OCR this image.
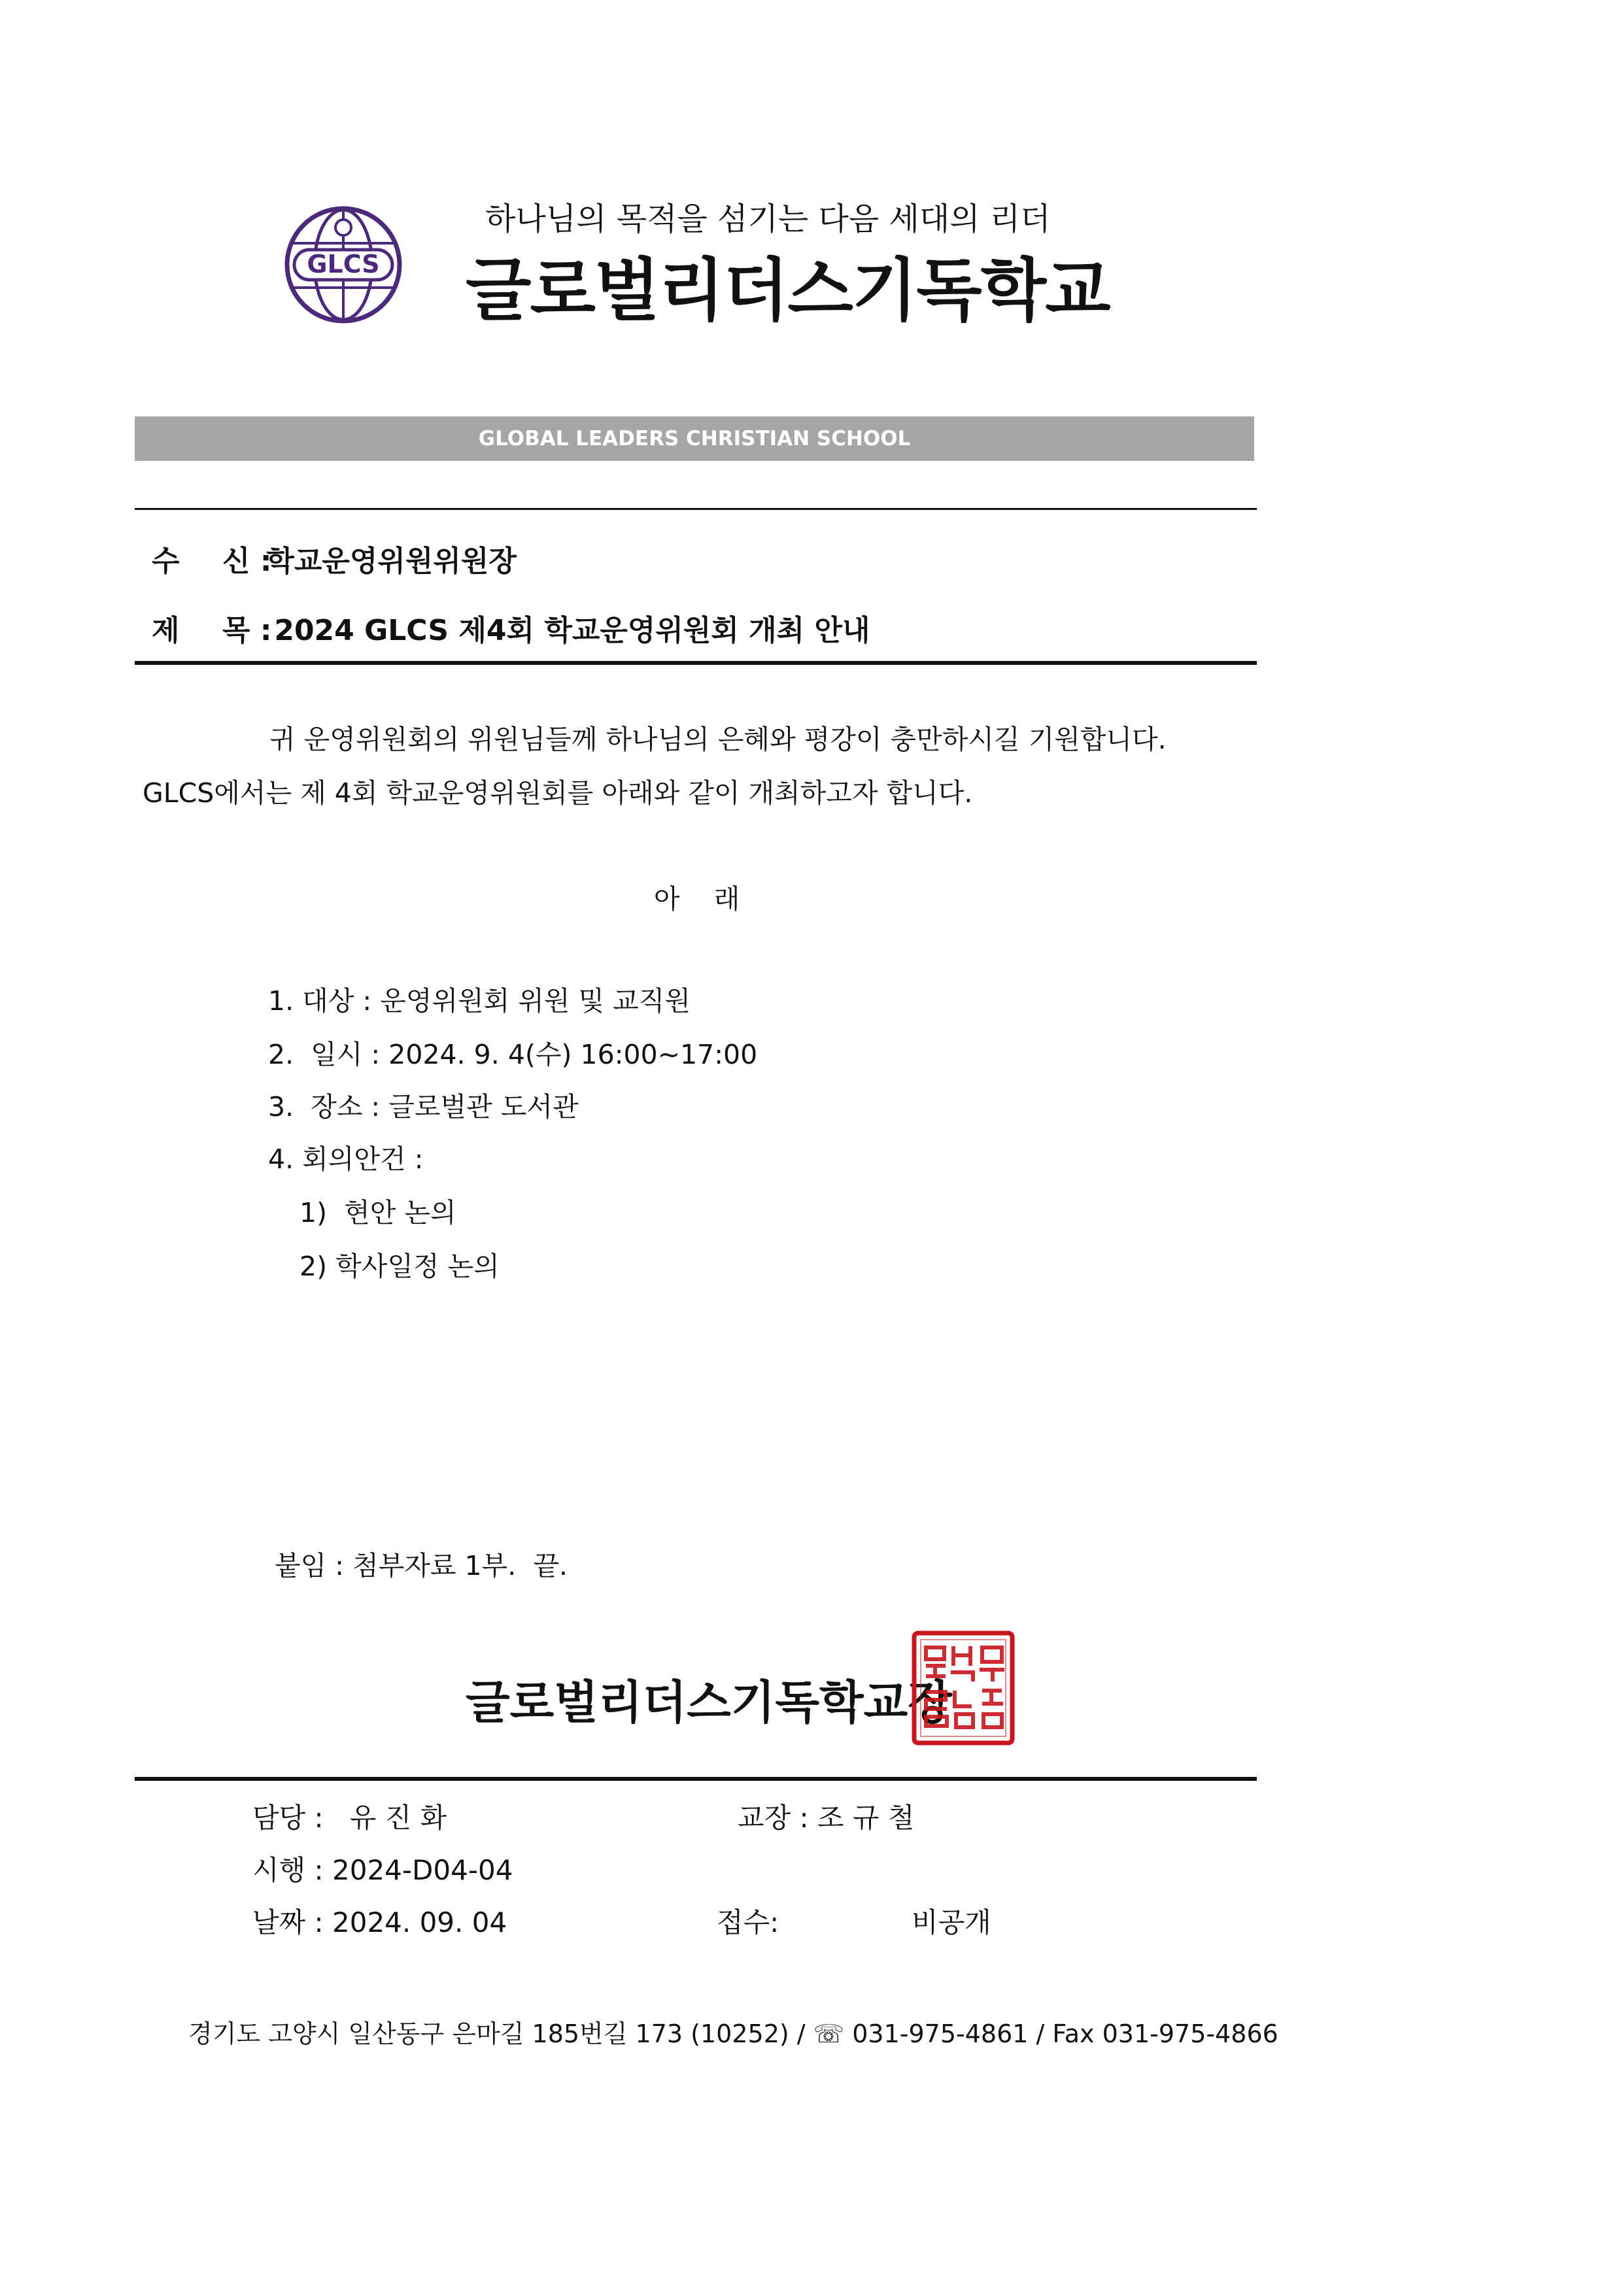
GLCS
하나님의 목적을 섬기는 다음 세대의 리더
글로벌리더스기독학교
GLOBAL LEADERS CHRISTIAN SCHOOL
수 신 : 학교운영위원위원장
제 목 : 2024 GLCS 제4회 학교운영위원회 개최 안내
귀 운영위원회의 위원님들께 하나님의 은혜와 평강이 충만하시길 기원합니다.
GLCS에서는 제 4회 학교운영위원회를 아래와 같이 개최하고자 합니다.
아    래
1. 대상 : 운영위원회 위원 및 교직원
2.  일시 : 2024. 9. 4(수) 16:00~17:00
3.  장소 : 글로벌관 도서관
4. 회의안건 :
1)  현안 논의
2) 학사일정 논의
붙임 : 첨부자료 1부.  끝.
글로벌리더스기독학교장
담당 :   유 진 화	교장 : 조 규 철
시행 : 2024-D04-04
날짜 : 2024. 09. 04	접수:	비공개
경기도 고양시 일산동구 은마길 185번길 173 (10252) / ☏ 031-975-4861 / Fax 031-975-4866
